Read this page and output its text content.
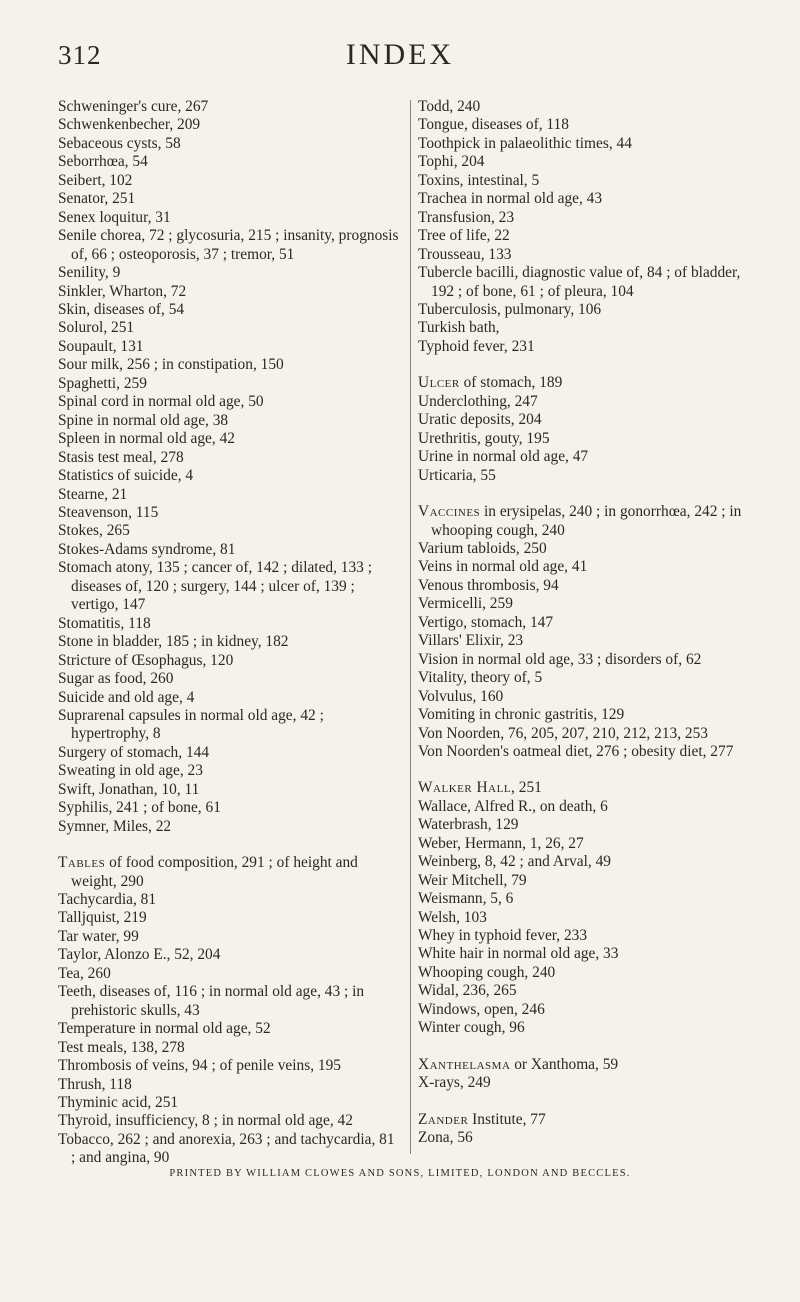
312	INDEX
Schweninger's cure, 267
Schwenkenbecher, 209
Sebaceous cysts, 58
Seborrhœa, 54
Seibert, 102
Senator, 251
Senex loquitur, 31
Senile chorea, 72 ; glycosuria, 215 ; insanity, prognosis of, 66 ; osteoporosis, 37 ; tremor, 51
Senility, 9
Sinkler, Wharton, 72
Skin, diseases of, 54
Solurol, 251
Soupault, 131
Sour milk, 256 ; in constipation, 150
Spaghetti, 259
Spinal cord in normal old age, 50
Spine in normal old age, 38
Spleen in normal old age, 42
Stasis test meal, 278
Statistics of suicide, 4
Stearne, 21
Steavenson, 115
Stokes, 265
Stokes-Adams syndrome, 81
Stomach atony, 135 ; cancer of, 142 ; dilated, 133 ; diseases of, 120 ; surgery, 144 ; ulcer of, 139 ; vertigo, 147
Stomatitis, 118
Stone in bladder, 185 ; in kidney, 182
Stricture of Œsophagus, 120
Sugar as food, 260
Suicide and old age, 4
Suprarenal capsules in normal old age, 42 ; hypertrophy, 8
Surgery of stomach, 144
Sweating in old age, 23
Swift, Jonathan, 10, 11
Syphilis, 241 ; of bone, 61
Symner, Miles, 22
Tables of food composition, 291 ; of height and weight, 290
Tachycardia, 81
Talljquist, 219
Tar water, 99
Taylor, Alonzo E., 52, 204
Tea, 260
Teeth, diseases of, 116 ; in normal old age, 43 ; in prehistoric skulls, 43
Temperature in normal old age, 52
Test meals, 138, 278
Thrombosis of veins, 94 ; of penile veins, 195
Thrush, 118
Thyminic acid, 251
Thyroid, insufficiency, 8 ; in normal old age, 42
Tobacco, 262 ; and anorexia, 263 ; and tachycardia, 81 ; and angina, 90
Todd, 240
Tongue, diseases of, 118
Toothpick in palaeolithic times, 44
Tophi, 204
Toxins, intestinal, 5
Trachea in normal old age, 43
Transfusion, 23
Tree of life, 22
Trousseau, 133
Tubercle bacilli, diagnostic value of, 84 ; of bladder, 192 ; of bone, 61 ; of pleura, 104
Tuberculosis, pulmonary, 106
Turkish bath,
Typhoid fever, 231
Ulcer of stomach, 189
Underclothing, 247
Uratic deposits, 204
Urethritis, gouty, 195
Urine in normal old age, 47
Urticaria, 55
Vaccines in erysipelas, 240 ; in gonorrhœa, 242 ; in whooping cough, 240
Varium tabloids, 250
Veins in normal old age, 41
Venous thrombosis, 94
Vermicelli, 259
Vertigo, stomach, 147
Villars' Elixir, 23
Vision in normal old age, 33 ; disorders of, 62
Vitality, theory of, 5
Volvulus, 160
Vomiting in chronic gastritis, 129
Von Noorden, 76, 205, 207, 210, 212, 213, 253
Von Noorden's oatmeal diet, 276 ; obesity diet, 277
Walker Hall, 251
Wallace, Alfred R., on death, 6
Waterbrash, 129
Weber, Hermann, 1, 26, 27
Weinberg, 8, 42 ; and Arval, 49
Weir Mitchell, 79
Weismann, 5, 6
Welsh, 103
Whey in typhoid fever, 233
White hair in normal old age, 33
Whooping cough, 240
Widal, 236, 265
Windows, open, 246
Winter cough, 96
Xanthelasma or Xanthoma, 59
X-rays, 249
Zander Institute, 77
Zona, 56
PRINTED BY WILLIAM CLOWES AND SONS, LIMITED, LONDON AND BECCLES.
